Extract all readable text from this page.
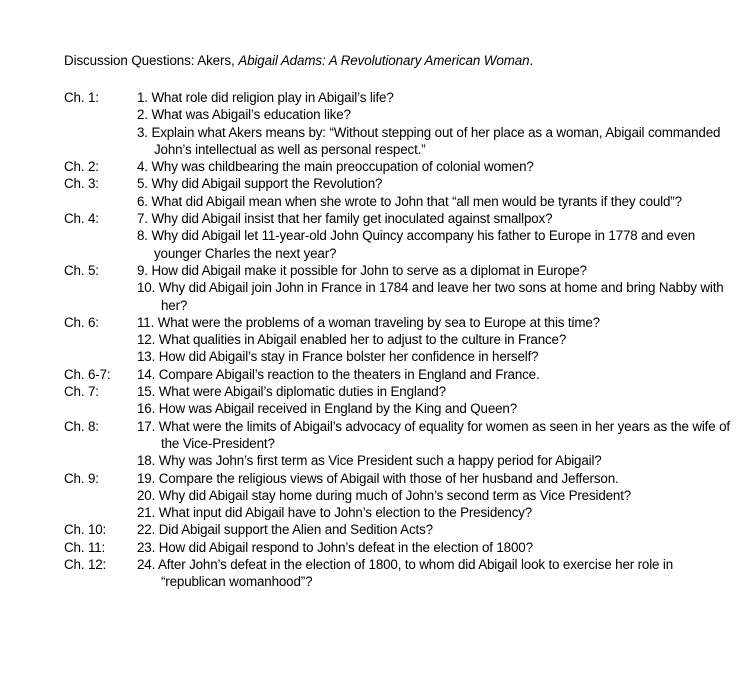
Discussion Questions: Akers, Abigail Adams: A Revolutionary American Woman.
Ch. 1:	1. What role did religion play in Abigail’s life?
2. What was Abigail’s education like?
3. Explain what Akers means by: “Without stepping out of her place as a woman, Abigail commanded John’s intellectual as well as personal respect.”
Ch. 2:	4. Why was childbearing the main preoccupation of colonial women?
Ch. 3:	5. Why did Abigail support the Revolution?
6. What did Abigail mean when she wrote to John that “all men would be tyrants if they could”?
Ch. 4:	7. Why did Abigail insist that her family get inoculated against smallpox?
8. Why did Abigail let 11-year-old John Quincy accompany his father to Europe in 1778 and even younger Charles the next year?
Ch. 5:	9. How did Abigail make it possible for John to serve as a diplomat in Europe?
10. Why did Abigail join John in France in 1784 and leave her two sons at home and bring Nabby with her?
Ch. 6:	11. What were the problems of a woman traveling by sea to Europe at this time?
12. What qualities in Abigail enabled her to adjust to the culture in France?
13. How did Abigail’s stay in France bolster her confidence in herself?
Ch. 6-7:	14. Compare Abigail’s reaction to the theaters in England and France.
Ch. 7:	15. What were Abigail’s diplomatic duties in England?
16. How was Abigail received in England by the King and Queen?
Ch. 8:	17. What were the limits of Abigail’s advocacy of equality for women as seen in her years as the wife of the Vice-President?
18. Why was John’s first term as Vice President such a happy period for Abigail?
Ch. 9:	19. Compare the religious views of Abigail with those of her husband and Jefferson.
20. Why did Abigail stay home during much of John’s second term as Vice President?
21. What input did Abigail have to John’s election to the Presidency?
Ch. 10:	22. Did Abigail support the Alien and Sedition Acts?
Ch. 11:	23. How did Abigail respond to John’s defeat in the election of 1800?
Ch. 12:	24. After John’s defeat in the election of 1800, to whom did Abigail look to exercise her role in “republican womanhood”?
